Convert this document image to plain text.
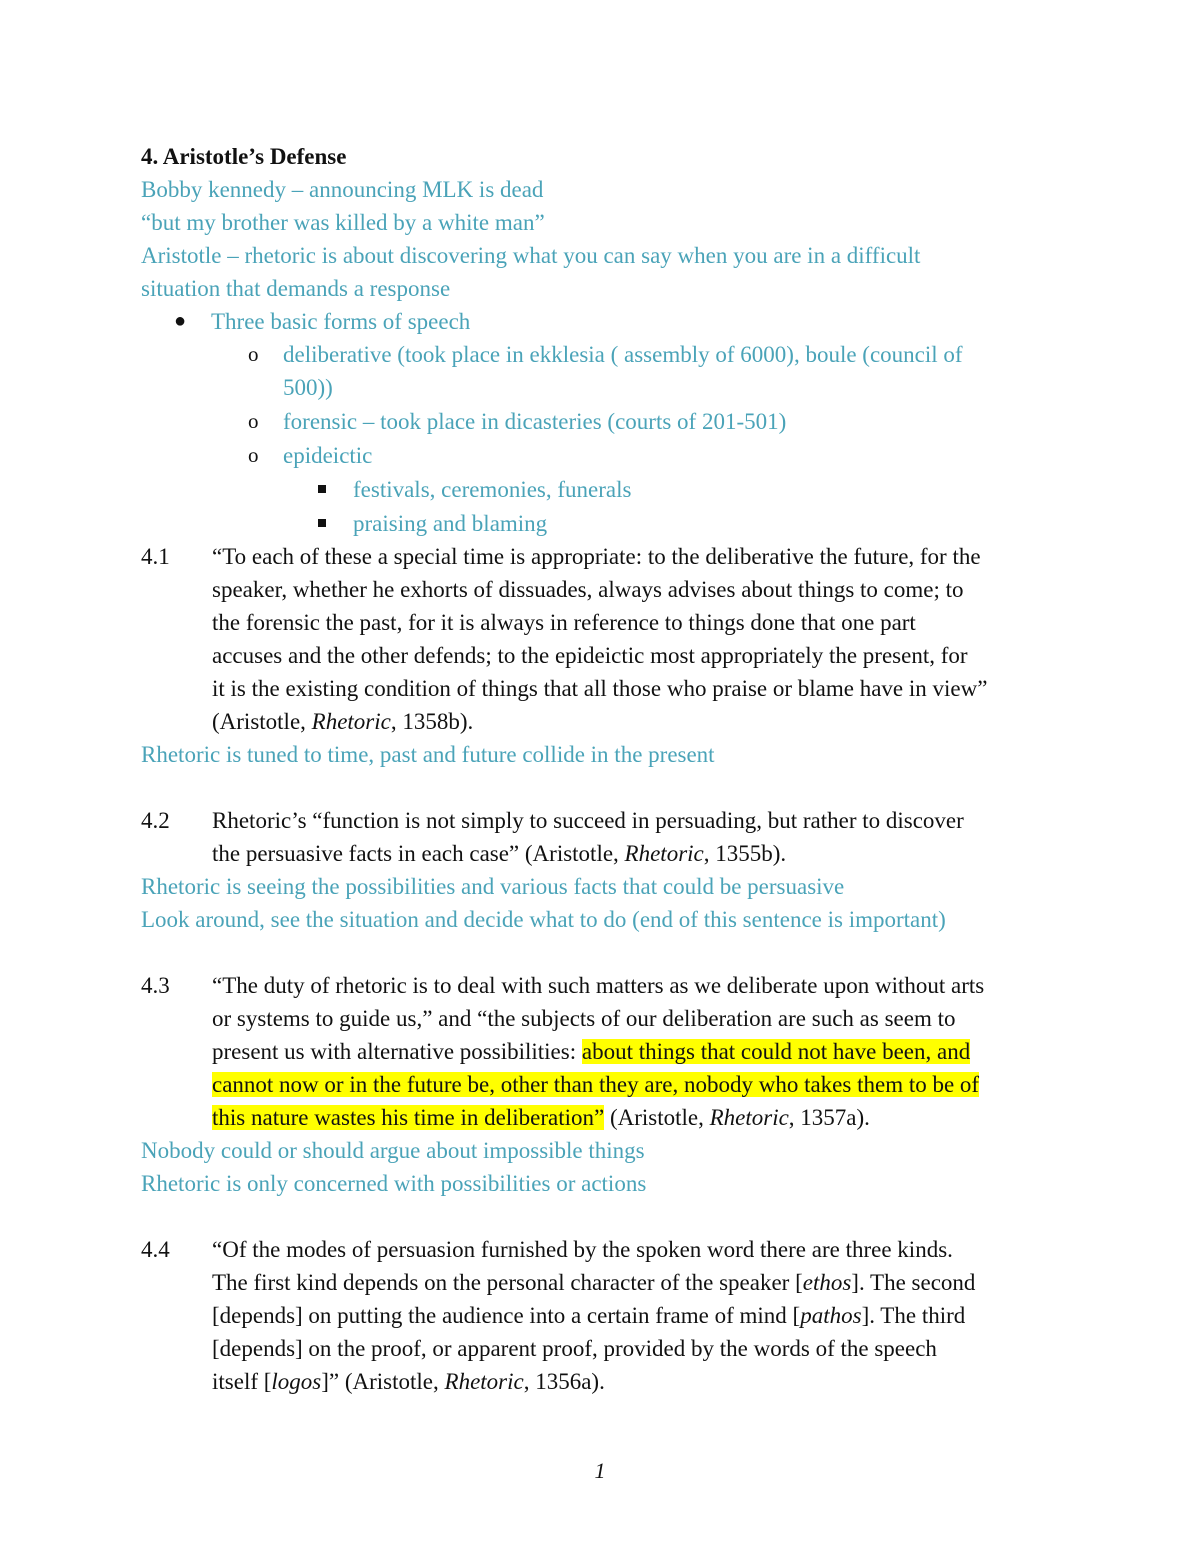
4. Aristotle’s Defense

Bobby kennedy – announcing MLK is dead

“but my brother was killed by a white man”

Aristotle – rhetoric is about discovering what you can say when you are in a difficult

situation that demands a response

● Three basic forms of speech

o deliberative (took place in ekklesia ( assembly of 6000), boule (council of

500))

o forensic – took place in dicasteries (courts of 201-501)

o epideictic

festivals, ceremonies, funerals

praising and blaming

4.1 “To each of these a special time is appropriate: to the deliberative the future, for the

speaker, whether he exhorts of dissuades, always advises about things to come; to

the forensic the past, for it is always in reference to things done that one part

accuses and the other defends; to the epideictic most appropriately the present, for

it is the existing condition of things that all those who praise or blame have in view”

(Aristotle, Rhetoric, 1358b).

Rhetoric is tuned to time, past and future collide in the present

4.2 Rhetoric’s “function is not simply to succeed in persuading, but rather to discover

the persuasive facts in each case” (Aristotle, Rhetoric, 1355b).

Rhetoric is seeing the possibilities and various facts that could be persuasive

Look around, see the situation and decide what to do (end of this sentence is important)

4.3 “The duty of rhetoric is to deal with such matters as we deliberate upon without arts

or systems to guide us,” and “the subjects of our deliberation are such as seem to

present us with alternative possibilities: about things that could not have been, and

cannot now or in the future be, other than they are, nobody who takes them to be of

this nature wastes his time in deliberation” (Aristotle, Rhetoric, 1357a).

Nobody could or should argue about impossible things

Rhetoric is only concerned with possibilities or actions

4.4 “Of the modes of persuasion furnished by the spoken word there are three kinds.

The first kind depends on the personal character of the speaker [ethos]. The second

[depends] on putting the audience into a certain frame of mind [pathos]. The third

[depends] on the proof, or apparent proof, provided by the words of the speech

itself [logos]” (Aristotle, Rhetoric, 1356a).

1
